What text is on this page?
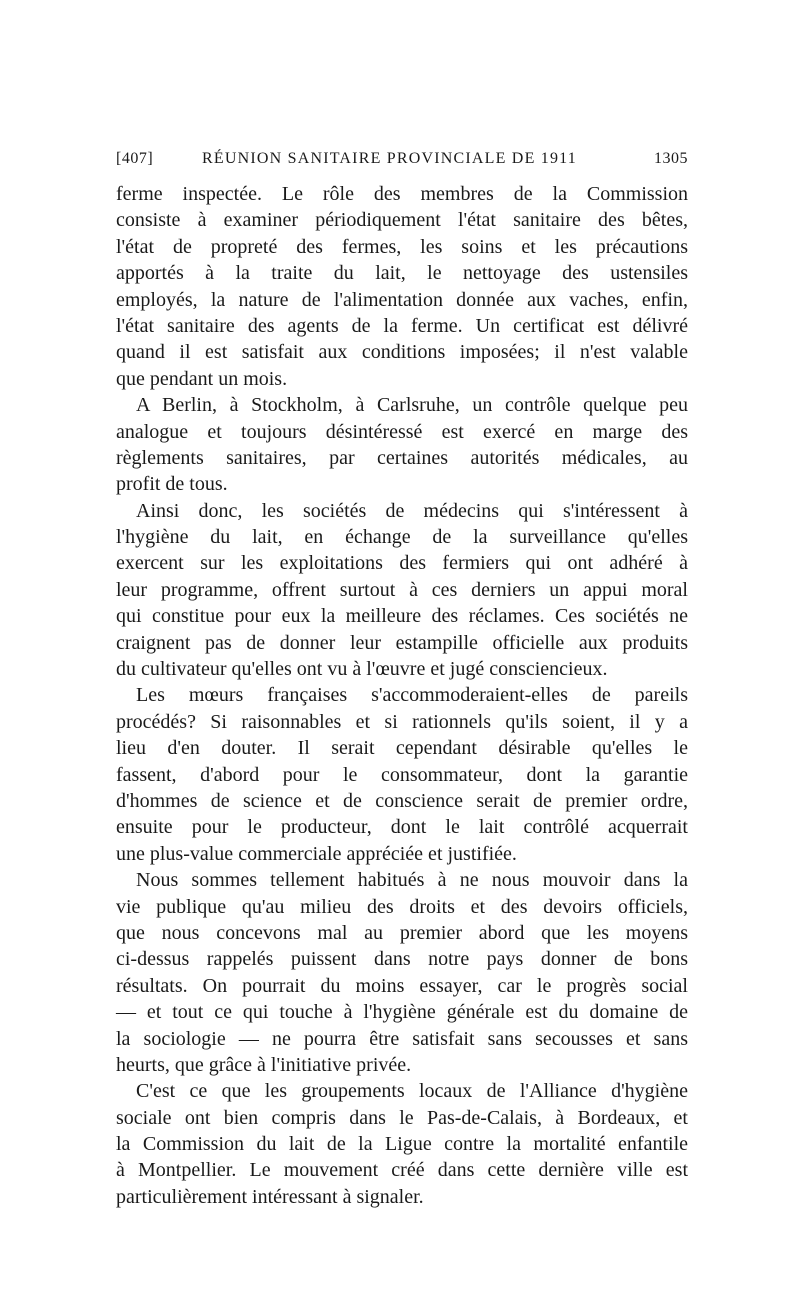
[407]	RÉUNION SANITAIRE PROVINCIALE DE 1911	1305
ferme inspectée. Le rôle des membres de la Commission
consiste à examiner périodiquement l'état sanitaire des bêtes,
l'état de propreté des fermes, les soins et les précautions
apportés à la traite du lait, le nettoyage des ustensiles
employés, la nature de l'alimentation donnée aux vaches, enfin,
l'état sanitaire des agents de la ferme. Un certificat est délivré
quand il est satisfait aux conditions imposées; il n'est valable
que pendant un mois.
A Berlin, à Stockholm, à Carlsruhe, un contrôle quelque peu
analogue et toujours désintéressé est exercé en marge des
règlements sanitaires, par certaines autorités médicales, au
profit de tous.
Ainsi donc, les sociétés de médecins qui s'intéressent à
l'hygiène du lait, en échange de la surveillance qu'elles
exercent sur les exploitations des fermiers qui ont adhéré à
leur programme, offrent surtout à ces derniers un appui moral
qui constitue pour eux la meilleure des réclames. Ces sociétés ne
craignent pas de donner leur estampille officielle aux produits
du cultivateur qu'elles ont vu à l'œuvre et jugé consciencieux.
Les mœurs françaises s'accommoderaient-elles de pareils
procédés? Si raisonnables et si rationnels qu'ils soient, il y a
lieu d'en douter. Il serait cependant désirable qu'elles le
fassent, d'abord pour le consommateur, dont la garantie
d'hommes de science et de conscience serait de premier ordre,
ensuite pour le producteur, dont le lait contrôlé acquerrait
une plus-value commerciale appréciée et justifiée.
Nous sommes tellement habitués à ne nous mouvoir dans la
vie publique qu'au milieu des droits et des devoirs officiels,
que nous concevons mal au premier abord que les moyens
ci-dessus rappelés puissent dans notre pays donner de bons
résultats. On pourrait du moins essayer, car le progrès social
— et tout ce qui touche à l'hygiène générale est du domaine de
la sociologie — ne pourra être satisfait sans secousses et sans
heurts, que grâce à l'initiative privée.
C'est ce que les groupements locaux de l'Alliance d'hygiène
sociale ont bien compris dans le Pas-de-Calais, à Bordeaux, et
la Commission du lait de la Ligue contre la mortalité enfantile
à Montpellier. Le mouvement créé dans cette dernière ville est
particulièrement intéressant à signaler.
